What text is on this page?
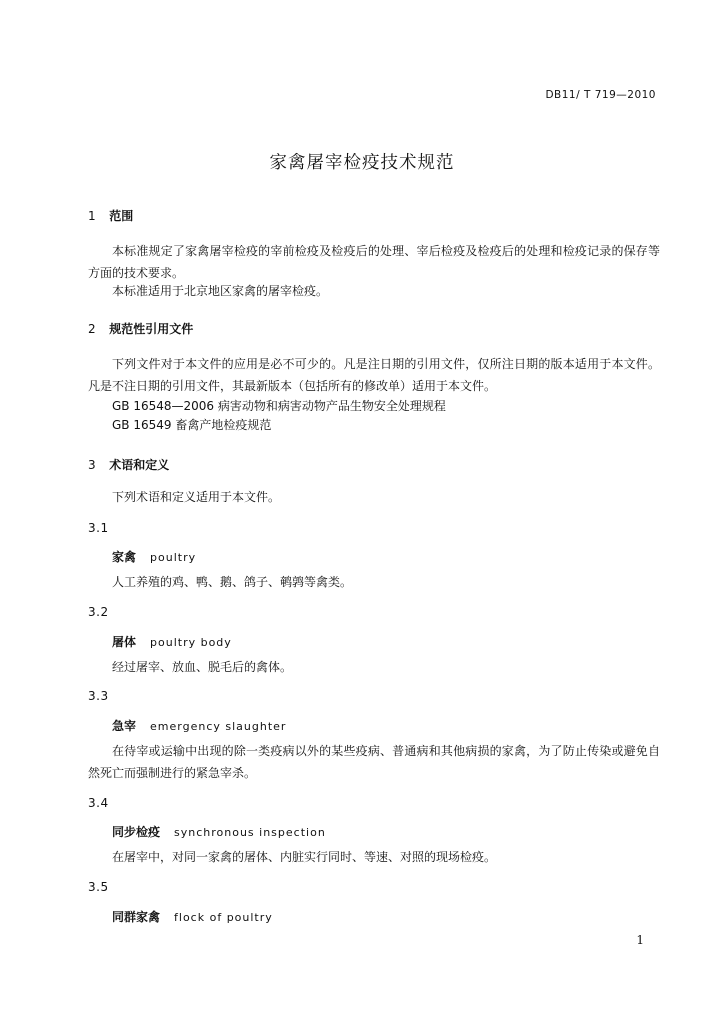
DB11/ T 719—2010
家禽屠宰检疫技术规范
1 范围
本标准规定了家禽屠宰检疫的宰前检疫及检疫后的处理、宰后检疫及检疫后的处理和检疫记录的保存等方面的技术要求。
本标准适用于北京地区家禽的屠宰检疫。
2 规范性引用文件
下列文件对于本文件的应用是必不可少的。凡是注日期的引用文件，仅所注日期的版本适用于本文件。凡是不注日期的引用文件，其最新版本（包括所有的修改单）适用于本文件。
GB 16548—2006 病害动物和病害动物产品生物安全处理规程
GB 16549 畜禽产地检疫规范
3 术语和定义
下列术语和定义适用于本文件。
3.1
家禽 poultry
人工养殖的鸡、鸭、鹅、鸽子、鹌鹑等禽类。
3.2
屠体 poultry body
经过屠宰、放血、脱毛后的禽体。
3.3
急宰 emergency slaughter
在待宰或运输中出现的除一类疫病以外的某些疫病、普通病和其他病损的家禽，为了防止传染或避免自然死亡而强制进行的紧急宰杀。
3.4
同步检疫 synchronous inspection
在屠宰中，对同一家禽的屠体、内脏实行同时、等速、对照的现场检疫。
3.5
同群家禽 flock of poultry
1
